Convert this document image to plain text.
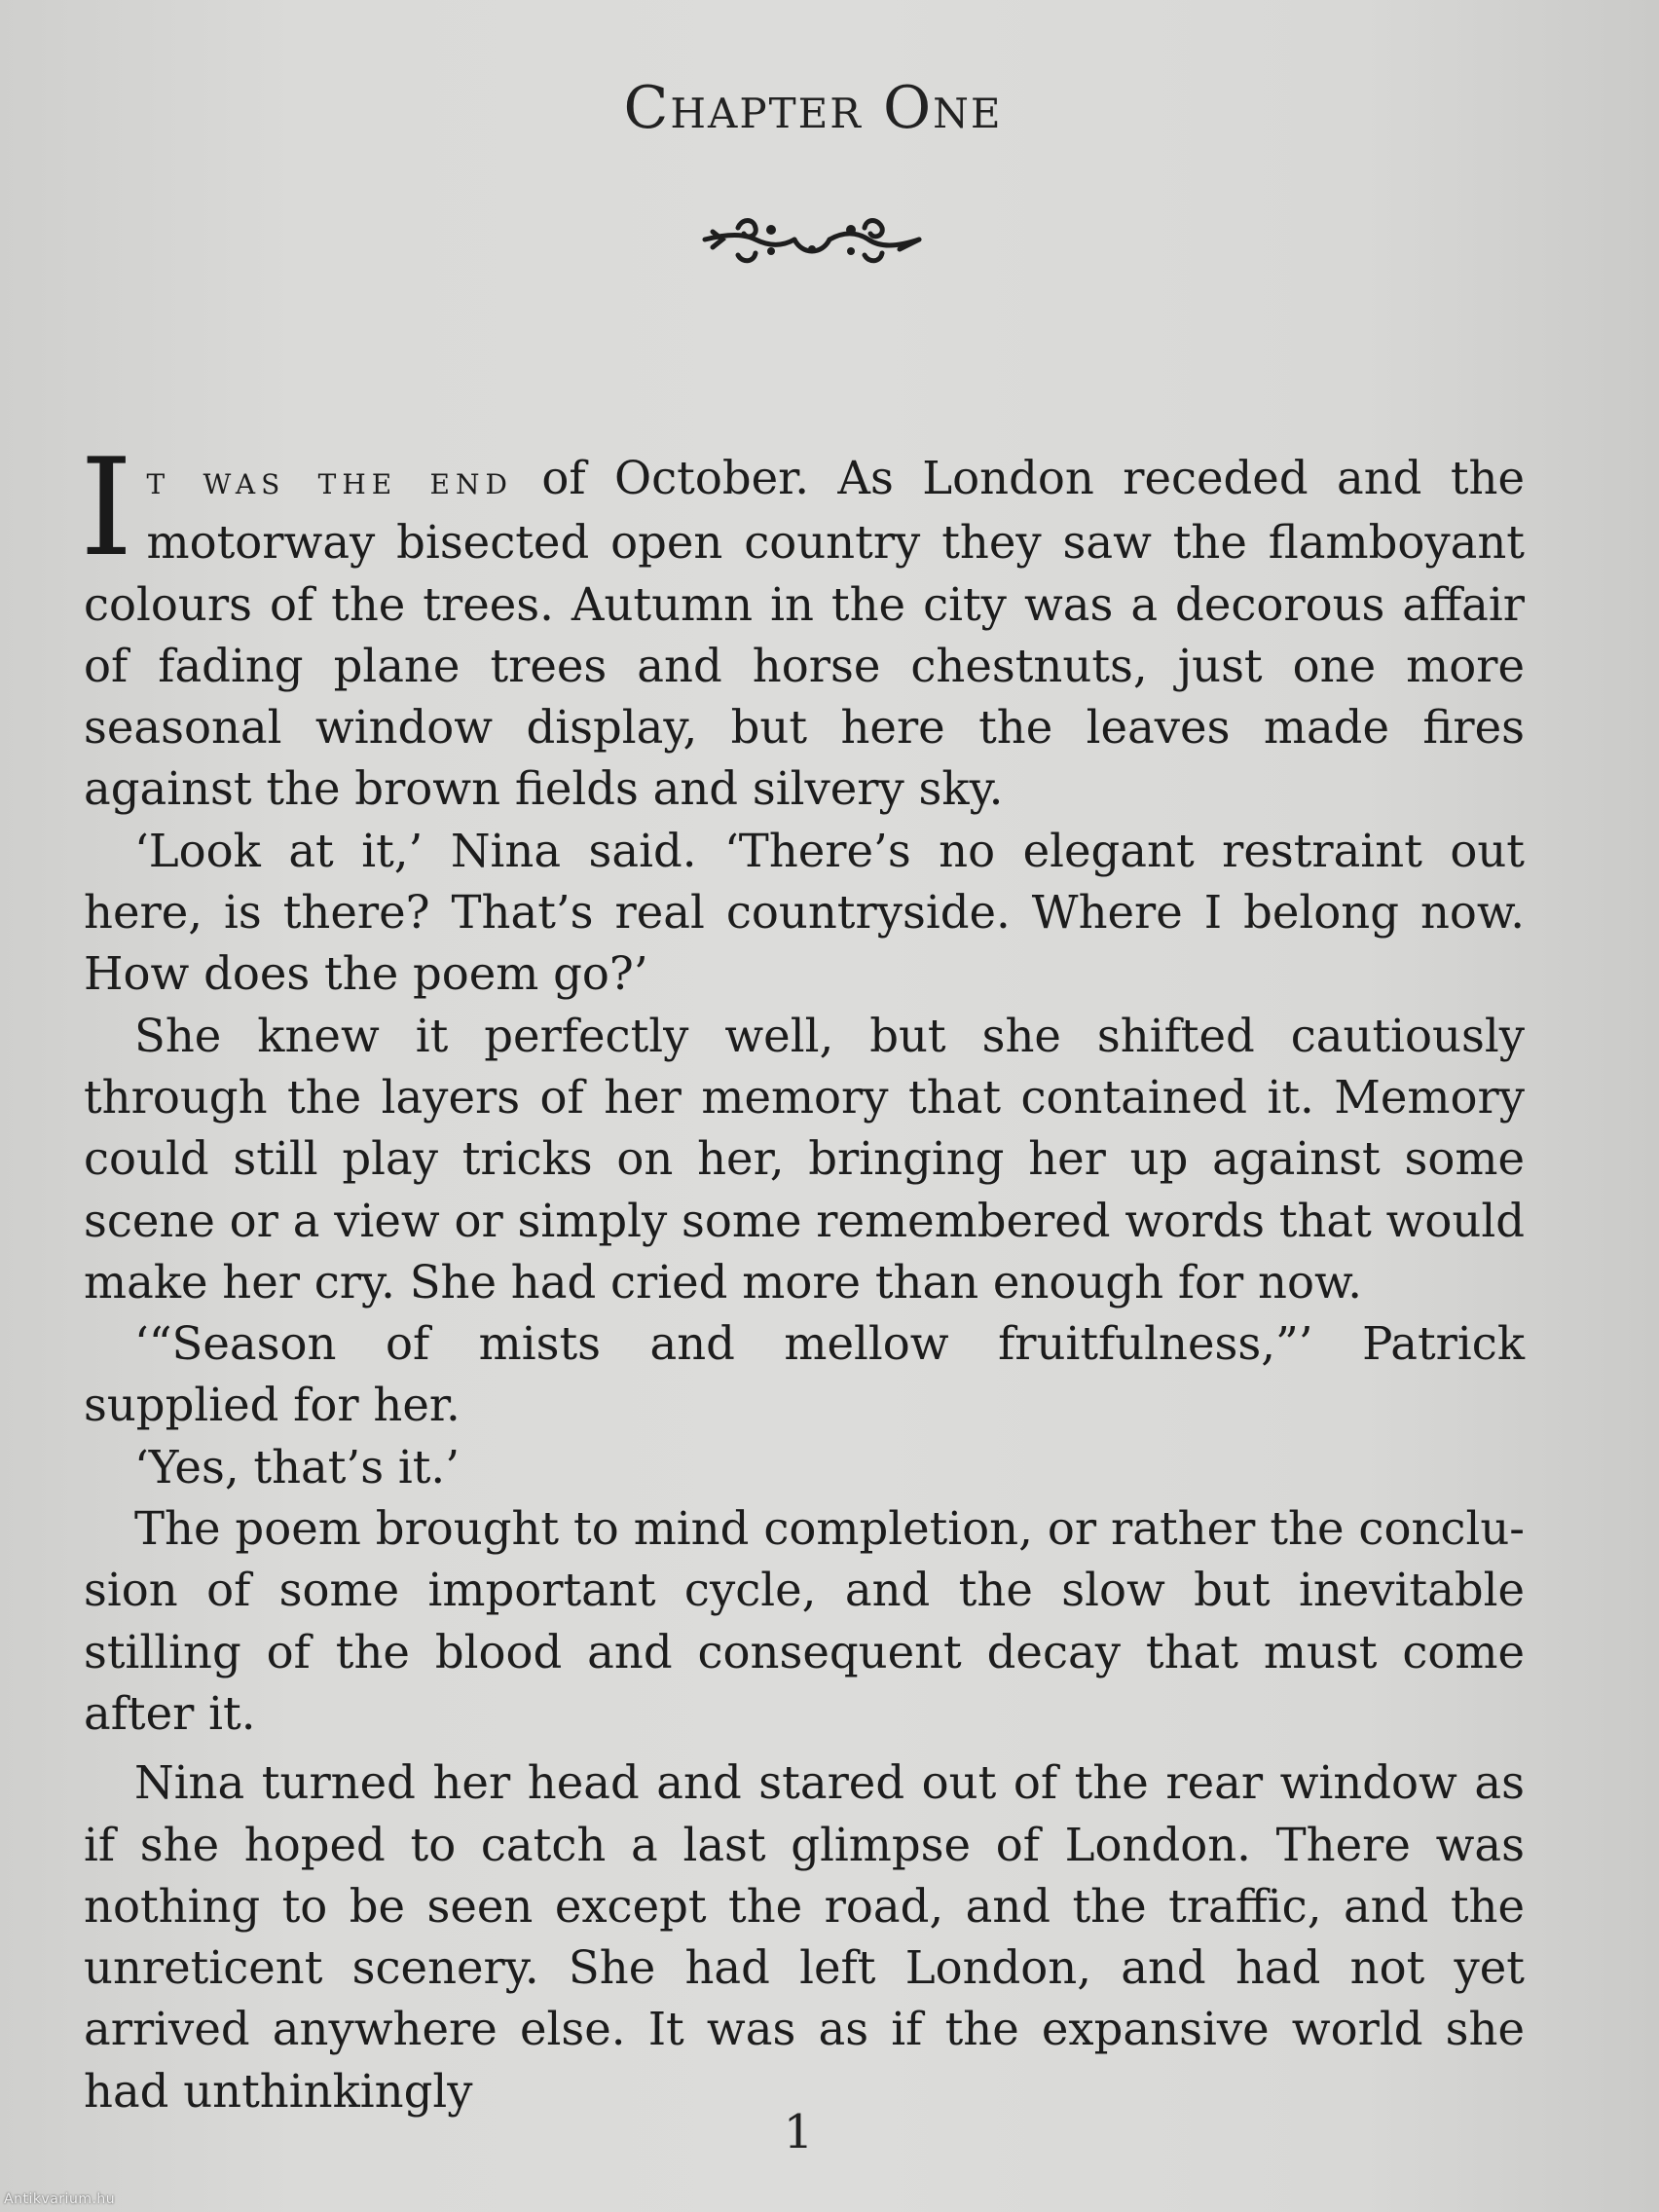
Chapter One

It was the end of October. As London receded and the motorway bisected open country they saw the flamboyant colours of the trees. Autumn in the city was a decorous affair of fading plane trees and horse chestnuts, just one more seasonal window display, but here the leaves made fires against the brown fields and silvery sky.

‘Look at it,’ Nina said. ‘There’s no elegant restraint out here, is there? That’s real countryside. Where I belong now. How does the poem go?’

She knew it perfectly well, but she shifted cautiously through the layers of her memory that contained it. Memory could still play tricks on her, bringing her up against some scene or a view or simply some remembered words that would make her cry. She had cried more than enough for now.

‘“Season of mists and mellow fruitfulness,”’ Patrick supplied for her.

‘Yes, that’s it.’

The poem brought to mind completion, or rather the conclu-sion of some important cycle, and the slow but inevitable stilling of the blood and consequent decay that must come after it.

Nina turned her head and stared out of the rear window as if she hoped to catch a last glimpse of London. There was nothing to be seen except the road, and the traffic, and the unreticent scenery. She had left London, and had not yet arrived anywhere else. It was as if the expansive world she had unthinkingly

1
Antikvarium.hu
